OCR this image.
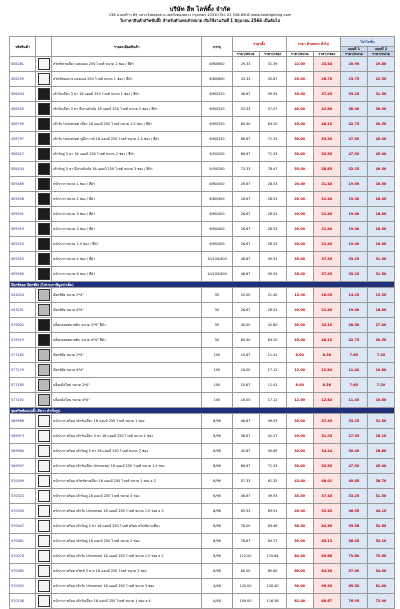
บริษัท ฮีท ไลท์ติ้ง จำกัด
238 ลาดพร้าว 89 แขวงวังทองหลาง เขตวังทองหลาง กรุงเทพฯ 10310 Tel: 02 538-8900 www.heatlighting.com
ใบราคาสินค้าสวิทช์ปลั๊ก สำหรับตัวแทนจำหน่าย เริ่มใช้งานวันที่ 1 มิถุนายน 2566 เป็นต้นไป
รหัสสินค้า		รายละเอียดสินค้า	บรรจุ	ราคาตั้ง		ราคา ตัวแทนฯ ทั่วไป		โปรโมชั่น	
								แบบที่ 1	แบบที่ 2
				ราคา/หน่วย	ราคา/กล่อง	ราคา/หน่วย	ราคา/กล่อง	ราคา/หน่วย	ราคา/หน่วย
SE8261		สวิทช์ทางเดียว แสงแดง 250 โวลต์ ขนาด 1 ช่อง / สีดำ	6/60/600	29.33	31.39	22.00	23.54	20.90	19.80
SE8259		สวิทช์สองทาง แสงแดง 250 โวลต์ ขนาด 1 ช่อง / สีดำ	6/60/600	33.33	35.67	25.00	26.75	23.75	22.50
SE8403		เต้ารับเดี่ยว 3 ขา 16 แอมป์ 250 โวลต์ ขนาด 1 ช่อง / สีดำ	6/60/320	46.67	49.93	35.00	37.45	33.25	31.50
SE8405		เต้ารับเดี่ยว 3 ขา มีม่านนิรภัย 16 แอมป์ 250 โวลต์ ขนาด 2 ช่อง / สีดำ	6/60/320	53.33	57.07	40.00	42.80	38.00	36.00
SE8790		เต้ารับ Universal เดี่ยว 16 แอมป์ 250 โวลต์ ขนาด 1.5 ช่อง / สีดำ	6/60/320	60.00	64.20	45.00	48.15	42.75	40.50
SE8797		เต้ารับ Universal คู่มีกราวด์ 16 แอมป์ 250 โวลต์ ขนาด 1.5 ช่อง / สีดำ	6/60/320	66.67	71.33	50.00	53.50	47.50	45.00
SE8427		เต้ารับคู่ 3 ขา 16 แอมป์ 250 โวลต์ ขนาด 2 ช่อง / สีดำ	5/50/200	66.67	71.33	50.00	53.50	47.50	45.00
SE8434		เต้ารับคู่ 3 ขา มีม่านนิรภัย 16 แอมป์ 250 โวลต์ ขนาด 3 ช่อง / สีดำ	5/50/200	73.33	78.47	55.00	58.85	52.25	49.50
SE9489		หน้ากาก ขนาด 1 ช่อง / สีดำ	6/60/400	26.67	28.53	20.00	21.40	19.00	18.00
SE9496		หน้ากาก ขนาด 2 ช่อง / สีดำ	6/60/400	26.67	28.53	20.00	21.40	19.00	18.00
SE9501		หน้ากาก ขนาด 3 ช่อง / สีดำ	6/60/400	26.67	28.53	20.00	21.40	19.00	18.00
SE9519		หน้ากาก ขนาด 3 ช่อง / สีดำ	6/60/400	26.67	28.53	20.00	21.40	19.00	18.00
SE9520		หน้ากาก ขนาด 1.5 ช่อง / สีดำ	6/60/400	26.67	28.53	20.00	21.40	19.00	18.00
SE9553		หน้ากาก ขนาด 4 ช่อง / สีดำ	10/100/400	46.67	49.93	35.00	37.45	33.25	31.50
SE9560		หน้ากาก ขนาด 6 ช่อง / สีดำ	10/100/400	46.67	49.93	35.00	37.45	33.25	31.50
บ๊อกซ์ลอย บ๊อกซ์ฝัง (ไม่รวมภาษีมูลค่าเพิ่ม)									
543024		บ๊อกซ์ฝัง ขนาด 2*4"	50	20.00	21.40	15.00	16.05	14.25	13.50
543231		บ๊อกซ์ฝัง ขนาด 4*4"	50	26.67	28.53	20.00	21.40	19.00	18.00
579002		บล็อกลอยพลาสติก ขนาด 2*4" สีดำ	50	40.00	42.80	30.00	32.10	28.50	27.00
579019		บล็อกลอยพลาสติก ขนาด 4*4" สีดำ	50	60.00	64.20	45.00	48.15	42.75	40.50
577162		บ๊อกซ์ฝัง ขนาด 2*4"	100	10.67	11.41	8.00	8.56	7.60	7.20
577179		บ๊อกซ์ฝัง ขนาด 4*4"	100	16.00	17.12	12.00	12.84	11.40	10.80
577185		บล็อกฝังใหม่ ขนาด 2*4"	100	10.67	11.41	8.00	8.56	7.60	7.20
577192		บล็อกฝังใหม่ ขนาด 4*4"	100	16.00	17.12	12.00	12.84	11.40	10.80
ชุดสวิทช์และปลั๊ก สีขาว สำเร็จรูป									
569966		หน้ากาก พร้อม เต้ารับเดี่ยว 16 แอมป์ 250 โวลต์ ขนาด 1 ช่อง	6/96	46.67	49.93	35.00	37.45	33.25	31.50
569973		หน้ากาก พร้อม เต้ารับเดี่ยว 3 ขา 16 แอมป์ 250 โวลต์ ขนาด 1 ช่อง	6/96	38.67	41.37	29.00	31.03	27.55	26.10
569980		หน้ากาก พร้อม เต้ารับคู่ 3 ขา 16 แอมป์ 250 โวลต์ ขนาด 2 ช่อง	6/96	42.67	45.65	32.00	34.24	30.40	28.80
569997		หน้ากาก พร้อม เต้ารับเดี่ยว Universal 16 แอมป์ 250 โวลต์ ขนาด 1.5 ช่อง	6/96	66.67	71.33	50.00	53.50	47.50	45.00
570009		หน้ากาก พร้อม สวิทช์ทางเดียว 16 แอมป์ 250 โวลต์ ขนาด 1 ช่อง x 2	6/96	57.33	61.35	43.00	46.01	40.85	38.70
570023		หน้ากาก พร้อม เต้ารับคู่ 16 แอมป์ 250 โวลต์ ขนาด 3 ช่อง	6/96	46.67	49.93	35.00	37.45	33.25	31.50
570030		หน้ากาก พร้อม เต้ารับ Universal 16 แอมป์ 250 โวลต์ ขนาด 1.5 ช่อง x 2	6/96	65.33	69.91	49.00	52.43	46.55	44.10
570047		หน้ากาก พร้อม เต้ารับคู่ 3 ขา 16 แอมป์ 250 โวลต์ พร้อม สวิทช์ทางเดียว	6/96	78.00	83.46	58.50	62.60	55.58	52.65
570061		หน้ากาก พร้อม เต้ารับคู่ 16 แอมป์ 250 โวลต์ ขนาด 2 ช่อง	6/96	78.67	84.17	59.00	63.13	56.05	53.10
570078		หน้ากาก พร้อม เต้ารับ Universal 16 แอมป์ 250 โวลต์ ขนาด 1.5 ช่อง x 2	6/96	112.00	119.84	84.00	89.88	79.80	75.60
570085		หน้ากาก พร้อม สวิทช์ 3 ทาง 16 แอมป์ 250 โวลต์ ขนาด 2 ช่อง	6/96	80.00	85.60	60.00	64.20	57.00	54.00
570092		หน้ากาก พร้อม เต้ารับ Universal 16 แอมป์ 250 โวลต์ ขนาด 3 ช่อง	4/48	120.00	128.40	90.00	96.30	85.50	81.00
570108		หน้ากาก พร้อม เต้ารับเดี่ยว 16 แอมป์ 250 โวลต์ ขนาด 1 ช่อง x 4	4/48	109.00	116.56	81.00	86.67	76.95	72.90
